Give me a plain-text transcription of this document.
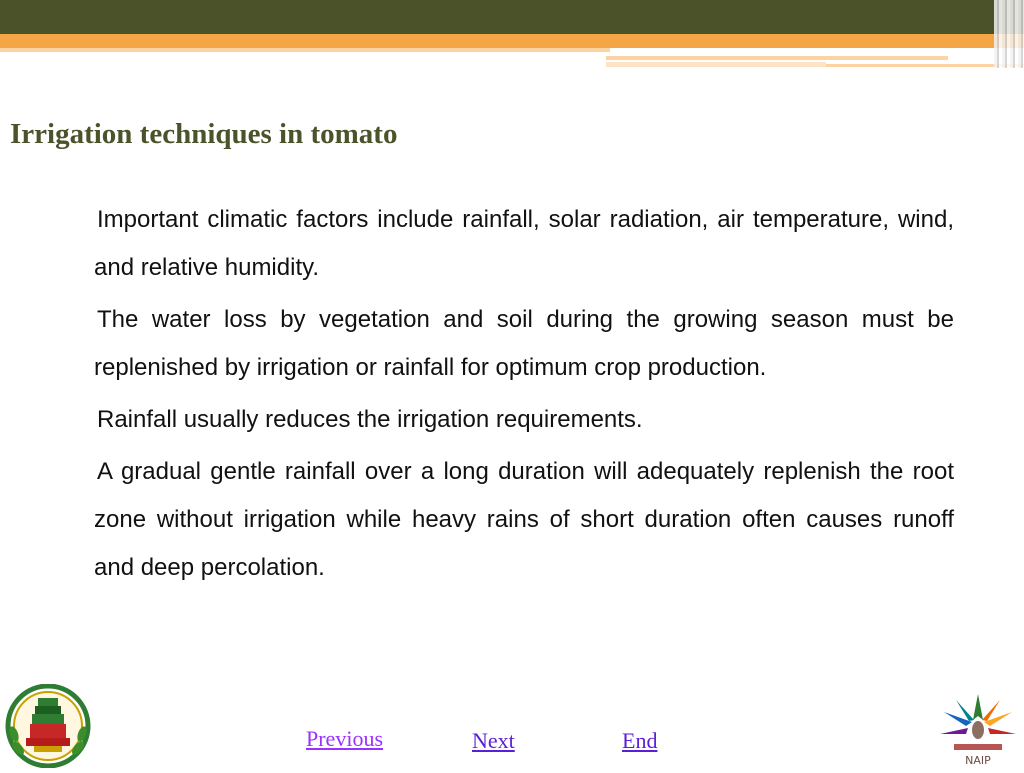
Irrigation techniques in tomato

Important climatic factors include rainfall, solar radiation, air temperature, wind, and relative humidity.

The water loss by vegetation and soil during the growing season must be replenished by irrigation or rainfall for optimum crop production.

Rainfall usually reduces the irrigation requirements.

A gradual gentle rainfall over a long duration will adequately replenish the root zone without irrigation while heavy rains of short duration often causes runoff and deep percolation.

NAIP
Previous	Next	End
